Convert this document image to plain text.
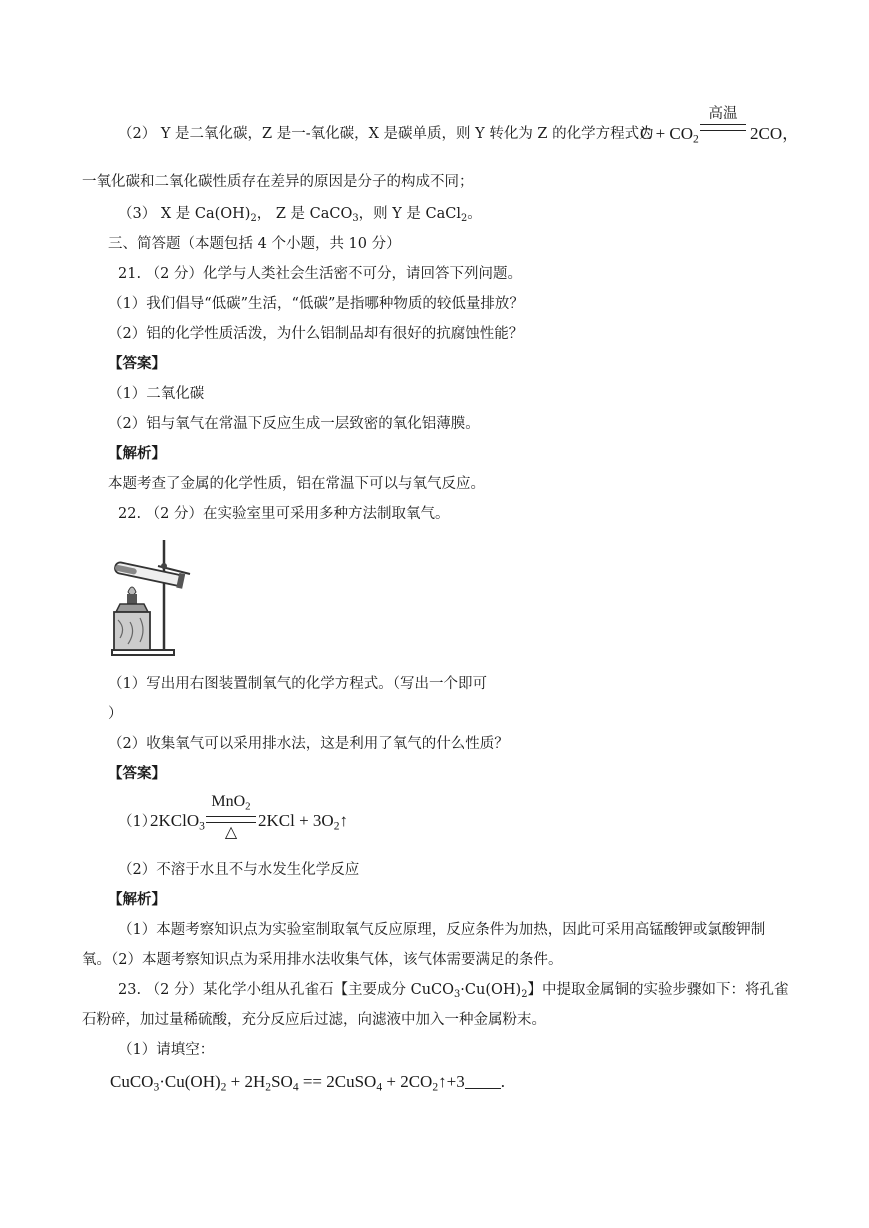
（2） Y 是二氧化碳，Z 是一-氧化碳，X 是碳单质，则 Y 转化为 Z 的化学方程式为
$C + CO_2$
高温
2CO，
一氧化碳和二氧化碳性质存在差异的原因是分子的构成不同；
（3） X 是 $Ca(OH)_2$， Z 是 CaCO$_3$，则 Y 是 CaCl$_2$。
三、简答题（本题包括 4 个小题，共 10 分）
21. （2 分）化学与人类社会生活密不可分，请回答下列问题。
（1）我们倡导“低碳”生活，“低碳”是指哪种物质的较低量排放？
（2）铝的化学性质活泼，为什么铝制品却有很好的抗腐蚀性能？
【答案】
（1）二氧化碳
（2）铝与氧气在常温下反应生成一层致密的氧化铝薄膜。
【解析】
本题考查了金属的化学性质，铝在常温下可以与氧气反应。
22. （2 分）在实验室里可采用多种方法制取氧气。
（1）写出用右图装置制氧气的化学方程式。（写出一个即可
）
（2）收集氧气可以采用排水法，这是利用了氧气的什么性质？
【答案】
（1）
2KClO$_3$
MnO$_2$
△
$2KCl + 3O_2↑$
（2）不溶于水且不与水发生化学反应
【解析】
（1）本题考察知识点为实验室制取氧气反应原理，反应条件为加热，因此可采用高锰酸钾或氯酸钾制
氧。（2）本题考察知识点为采用排水法收集气体，该气体需要满足的条件。
23. （2 分）某化学小组从孔雀石【主要成分 $CuCO_3\cdot Cu(OH)_2$】中提取金属铜的实验步骤如下：将孔雀
石粉碎，加过量稀硫酸，充分反应后过滤，向滤液中加入一种金属粉末。
（1）请填空：
$CuCO_3\cdot Cu(OH)_2 + 2H_2SO_4$ == 2CuSO$_4$ + $2CO_2↑+3$ .
